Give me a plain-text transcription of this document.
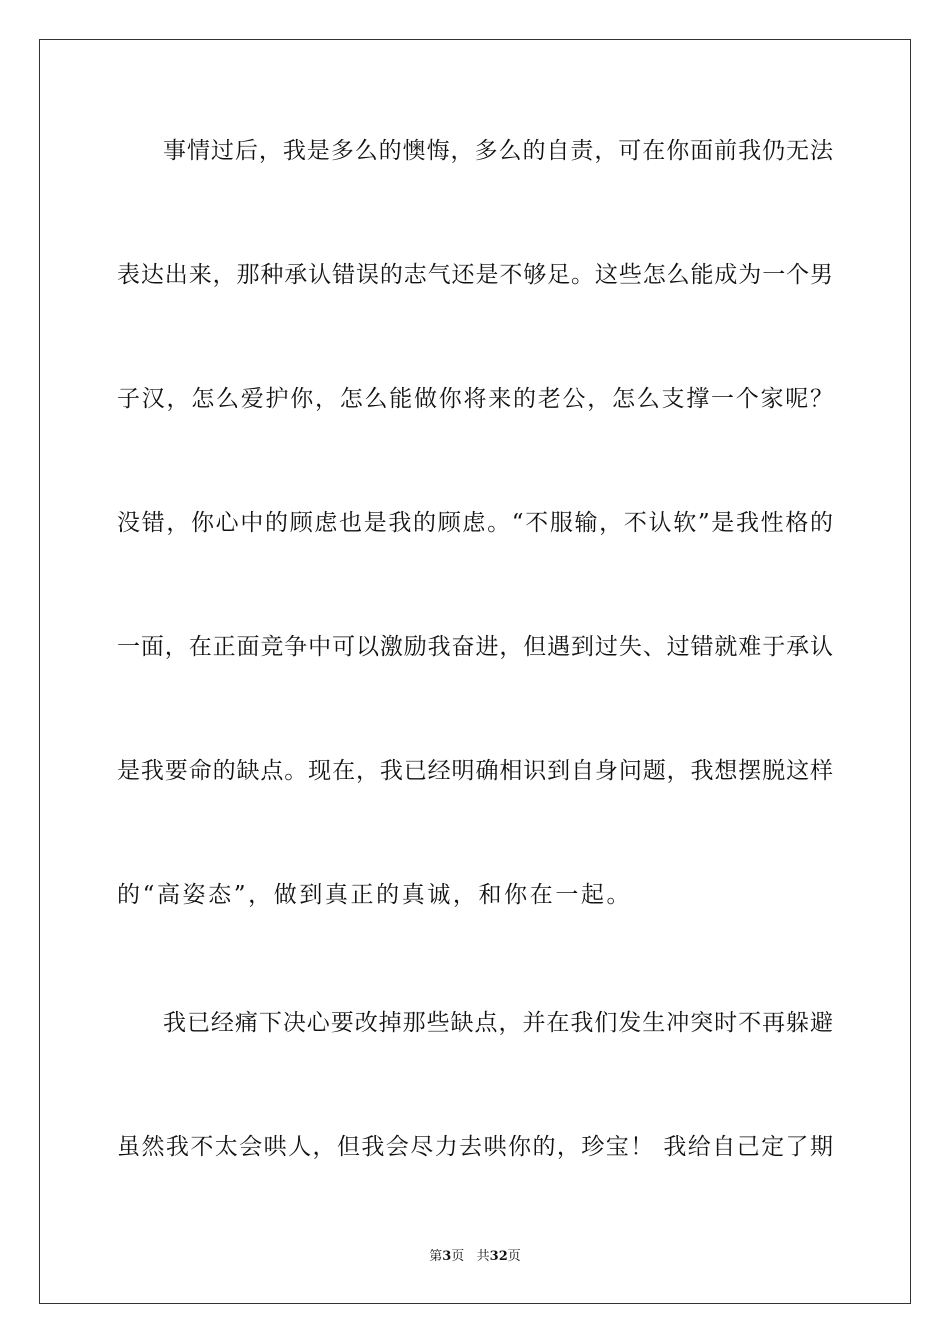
事情过后，我是多么的懊悔，多么的自责，可在你面前我仍无法
表达出来，那种承认错误的志气还是不够足。这些怎么能成为一个男
子汉，怎么爱护你，怎么能做你将来的老公，怎么支撑一个家呢？
没错，你心中的顾虑也是我的顾虑。“不服输，不认软”是我性格的
一面，在正面竞争中可以激励我奋进，但遇到过失、过错就难于承认
是我要命的缺点。现在，我已经明确相识到自身问题，我想摆脱这样
的“高姿态”，做到真正的真诚，和你在一起。
我已经痛下决心要改掉那些缺点，并在我们发生冲突时不再躲避
虽然我不太会哄人，但我会尽力去哄你的，珍宝！ 我给自己定了期
第3页   共32页
